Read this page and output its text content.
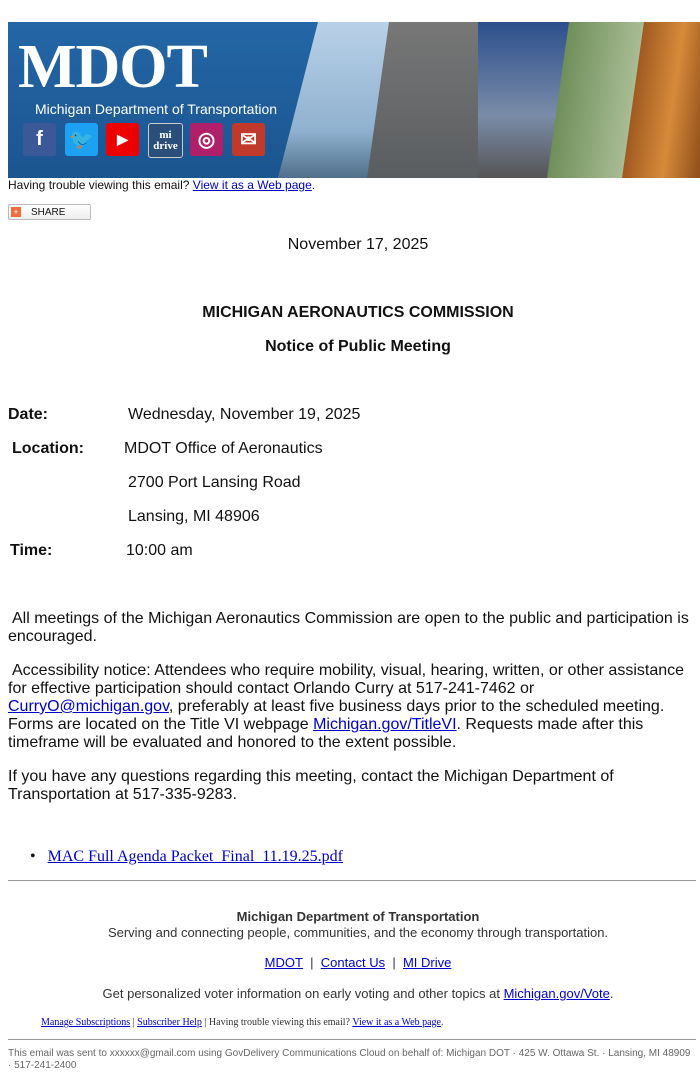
MDOT
Michigan Department of Transportation
f	🐦	▶	mi
drive	◎	✉
Having trouble viewing this email? View it as a Web page.
+ SHARE
November 17, 2025
MICHIGAN AERONAUTICS COMMISSION
Notice of Public Meeting
Date:	Wednesday, November 19, 2025
Location:	MDOT Office of Aeronautics
2700 Port Lansing Road
Lansing, MI 48906
Time:	10:00 am

All meetings of the Michigan Aeronautics Commission are open to the public and participation is encouraged.

Accessibility notice: Attendees who require mobility, visual, hearing, written, or other assistance for effective participation should contact Orlando Curry at 517-241-7462 or CurryO@michigan.gov, preferably at least five business days prior to the scheduled meeting. Forms are located on the Title VI webpage Michigan.gov/TitleVI. Requests made after this timeframe will be evaluated and honored to the extent possible.

If you have any questions regarding this meeting, contact the Michigan Department of Transportation at 517-335-9283.

•   MAC Full Agenda Packet_Final_11.19.25.pdf
Michigan Department of Transportation
Serving and connecting people, communities, and the economy through transportation.
MDOT | Contact Us | MI Drive
Get personalized voter information on early voting and other topics at Michigan.gov/Vote.
Manage Subscriptions | Subscriber Help | Having trouble viewing this email? View it as a Web page.
This email was sent to xxxxxx@gmail.com using GovDelivery Communications Cloud on behalf of: Michigan DOT · 425 W. Ottawa St. · Lansing, MI 48909 · 517-241-2400
